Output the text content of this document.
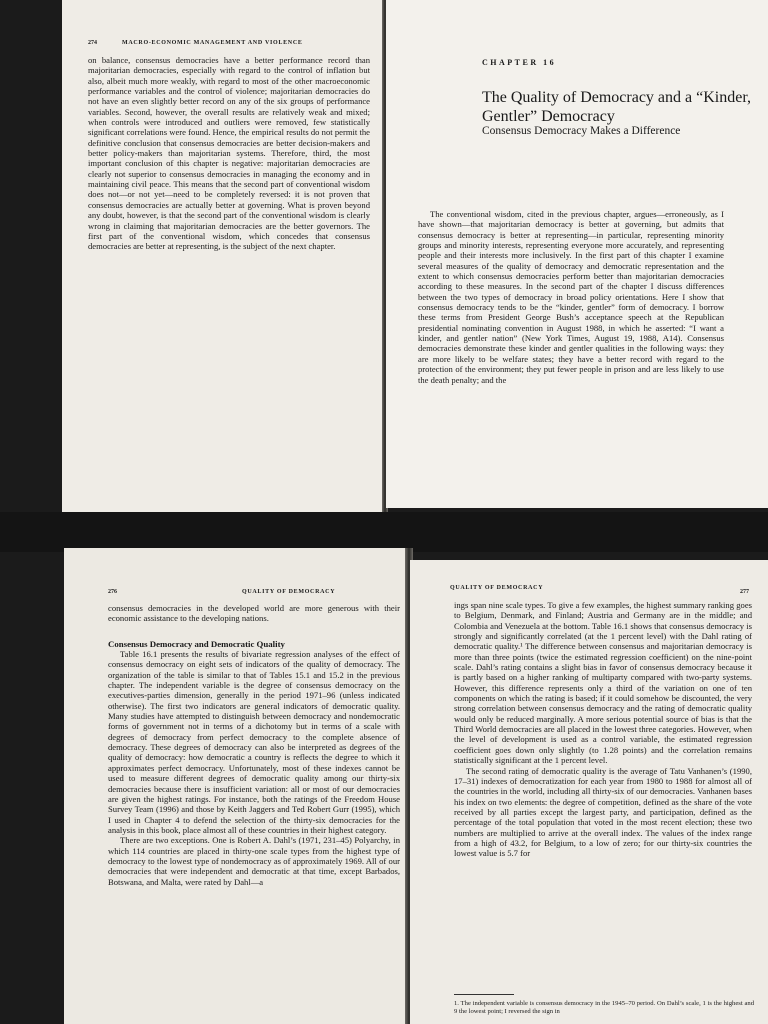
274	MACRO-ECONOMIC MANAGEMENT AND VIOLENCE

on balance, consensus democracies have a better performance record than majoritarian democracies, especially with regard to the control of inflation but also, albeit much more weakly, with regard to most of the other macroeconomic performance variables and the control of violence; majoritarian democracies do not have an even slightly better record on any of the six groups of performance variables. Second, however, the overall results are relatively weak and mixed; when controls were introduced and outliers were removed, few statistically significant correlations were found. Hence, the empirical results do not permit the definitive conclusion that consensus democracies are better decision-makers and better policy-makers than majoritarian systems. Therefore, third, the most important conclusion of this chapter is negative: majoritarian democracies are clearly not superior to consensus democracies in managing the economy and in maintaining civil peace. This means that the second part of conventional wisdom does not—or not yet—need to be completely reversed: it is not proven that consensus democracies are actually better at governing. What is proven beyond any doubt, however, is that the second part of the conventional wisdom is clearly wrong in claiming that majoritarian democracies are the better governors. The first part of the conventional wisdom, which concedes that consensus democracies are better at representing, is the subject of the next chapter.

CHAPTER 16
The Quality of Democracy and a “Kinder, Gentler” Democracy
Consensus Democracy Makes a Difference

The conventional wisdom, cited in the previous chapter, argues—erroneously, as I have shown—that majoritarian democracy is better at governing, but admits that consensus democracy is better at representing—in particular, representing minority groups and minority interests, representing everyone more accurately, and representing people and their interests more inclusively. In the first part of this chapter I examine several measures of the quality of democracy and democratic representation and the extent to which consensus democracies perform better than majoritarian democracies according to these measures. In the second part of the chapter I discuss differences between the two types of democracy in broad policy orientations. Here I show that consensus democracy tends to be the “kinder, gentler” form of democracy. I borrow these terms from President George Bush’s acceptance speech at the Republican presidential nominating convention in August 1988, in which he asserted: “I want a kinder, and gentler nation” (New York Times, August 19, 1988, A14). Consensus democracies demonstrate these kinder and gentler qualities in the following ways: they are more likely to be welfare states; they have a better record with regard to the protection of the environment; they put fewer people in prison and are less likely to use the death penalty; and the

276	QUALITY OF DEMOCRACY

consensus democracies in the developed world are more generous with their economic assistance to the developing nations.

Consensus Democracy and Democratic Quality

Table 16.1 presents the results of bivariate regression analyses of the effect of consensus democracy on eight sets of indicators of the quality of democracy. The organization of the table is similar to that of Tables 15.1 and 15.2 in the previous chapter. The independent variable is the degree of consensus democracy on the executives-parties dimension, generally in the period 1971–96 (unless indicated otherwise). The first two indicators are general indicators of democratic quality. Many studies have attempted to distinguish between democracy and nondemocratic forms of government not in terms of a dichotomy but in terms of a scale with degrees of democracy from perfect democracy to the complete absence of democracy. These degrees of democracy can also be interpreted as degrees of the quality of democracy: how democratic a country is reflects the degree to which it approximates perfect democracy. Unfortunately, most of these indexes cannot be used to measure different degrees of democratic quality among our thirty-six democracies because there is insufficient variation: all or most of our democracies are given the highest ratings. For instance, both the ratings of the Freedom House Survey Team (1996) and those by Keith Jaggers and Ted Robert Gurr (1995), which I used in Chapter 4 to defend the selection of the thirty-six democracies for the analysis in this book, place almost all of these countries in their highest category.

There are two exceptions. One is Robert A. Dahl’s (1971, 231–45) Polyarchy, in which 114 countries are placed in thirty-one scale types from the highest type of democracy to the lowest type of nondemocracy as of approximately 1969. All of our democracies that were independent and democratic at that time, except Barbados, Botswana, and Malta, were rated by Dahl—a

QUALITY OF DEMOCRACY
277

ings span nine scale types. To give a few examples, the highest summary ranking goes to Belgium, Denmark, and Finland; Austria and Germany are in the middle; and Colombia and Venezuela at the bottom. Table 16.1 shows that consensus democracy is strongly and significantly correlated (at the 1 percent level) with the Dahl rating of democratic quality.¹ The difference between consensus and majoritarian democracy is more than three points (twice the estimated regression coefficient) on the nine-point scale. Dahl’s rating contains a slight bias in favor of consensus democracy because it is partly based on a higher ranking of multiparty compared with two-party systems. However, this difference represents only a third of the variation on one of ten components on which the rating is based; if it could somehow be discounted, the very strong correlation between consensus democracy and the rating of democratic quality would only be reduced marginally. A more serious potential source of bias is that the Third World democracies are all placed in the lowest three categories. However, when the level of development is used as a control variable, the estimated regression coefficient goes down only slightly (to 1.28 points) and the correlation remains statistically significant at the 1 percent level.

The second rating of democratic quality is the average of Tatu Vanhanen’s (1990, 17–31) indexes of democratization for each year from 1980 to 1988 for almost all of the countries in the world, including all thirty-six of our democracies. Vanhanen bases his index on two elements: the degree of competition, defined as the share of the vote received by all parties except the largest party, and participation, defined as the percentage of the total population that voted in the most recent election; these two numbers are multiplied to arrive at the overall index. The values of the index range from a high of 43.2, for Belgium, to a low of zero; for our thirty-six countries the lowest value is 5.7 for

1. The independent variable is consensus democracy in the 1945–70 period. On Dahl’s scale, 1 is the highest and 9 the lowest point; I reversed the sign in
